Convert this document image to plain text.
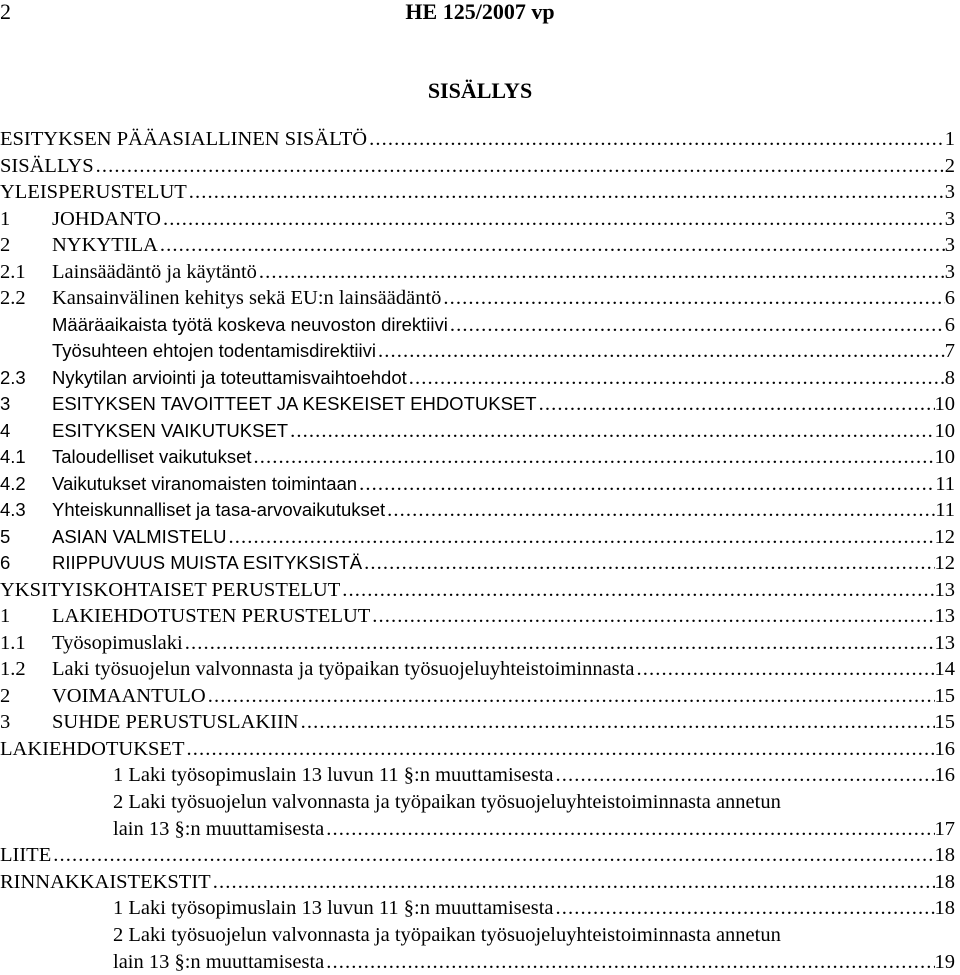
2	HE 125/2007 vp
SISÄLLYS
ESITYKSEN PÄÄASIALLINEN SISÄLTÖ . . .	1
SISÄLLYS . . .	2
YLEISPERUSTELUT . . .	3
1	JOHDANTO . . .	3
2	NYKYTILA . . .	3
2.1	Lainsäädäntö ja käytäntö . . .	3
2.2	Kansainvälinen kehitys sekä EU:n lainsäädäntö . . .	6
Määräaikaista työtä koskeva neuvoston direktiivi . . .	6
Työsuhteen ehtojen todentamisdirektiivi . . .	7
2.3	Nykytilan arviointi ja toteuttamisvaihtoehdot . . .	8
3	ESITYKSEN TAVOITTEET JA KESKEISET EHDOTUKSET . . .	10
4	ESITYKSEN VAIKUTUKSET . . .	10
4.1	Taloudelliset vaikutukset . . .	10
4.2	Vaikutukset viranomaisten toimintaan . . .	11
4.3	Yhteiskunnalliset ja tasa-arvovaikutukset . . .	11
5	ASIAN VALMISTELU . . .	12
6	RIIPPUVUUS MUISTA ESITYKSISTÄ . . .	12
YKSITYISKOHTAISET PERUSTELUT . . .	13
1	LAKIEHDOTUSTEN PERUSTELUT . . .	13
1.1	Työsopimuslaki . . .	13
1.2	Laki työsuojelun valvonnasta ja työpaikan työsuojeluyhteistoiminnasta . . .	14
2	VOIMAANTULO . . .	15
3	SUHDE PERUSTUSLAKIIN . . .	15
LAKIEHDOTUKSET . . .	16
1 Laki työsopimuslain 13 luvun 11 §:n muuttamisesta . . .	16
2 Laki työsuojelun valvonnasta ja työpaikan työsuojeluyhteistoiminnasta annetun
lain 13 §:n muuttamisesta . . .	17
LIITE . . .	18
RINNAKKAISTEKSTIT . . .	18
1 Laki työsopimuslain 13 luvun 11 §:n muuttamisesta . . .	18
2 Laki työsuojelun valvonnasta ja työpaikan työsuojeluyhteistoiminnasta annetun
lain 13 §:n muuttamisesta . . .	19
